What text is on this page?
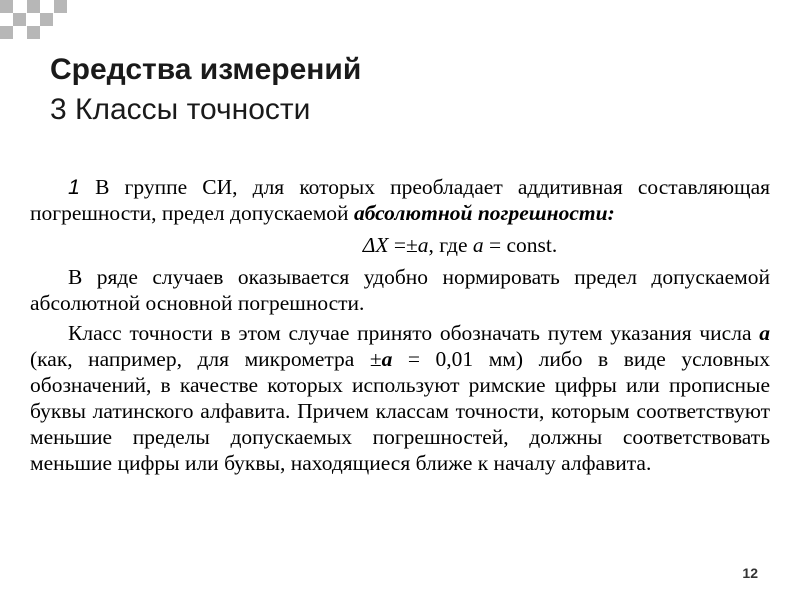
Средства измерений
3 Классы точности

1 В группе СИ, для которых преобладает аддитивная составляющая погрешности, предел допускаемой абсолютной погрешности:

ΔX =±a, где a = const.

В ряде случаев оказывается удобно нормировать предел допускаемой абсолютной основной погрешности.

Класс точности в этом случае принято обозначать путем указания числа а (как, например, для микрометра ±a = 0,01 мм) либо в виде условных обозначений, в качестве которых используют римские цифры или прописные буквы латинского алфавита. Причем классам точности, которым соответствуют меньшие пределы допускаемых погрешностей, должны соответствовать меньшие цифры или буквы, находящиеся ближе к началу алфавита.

12
